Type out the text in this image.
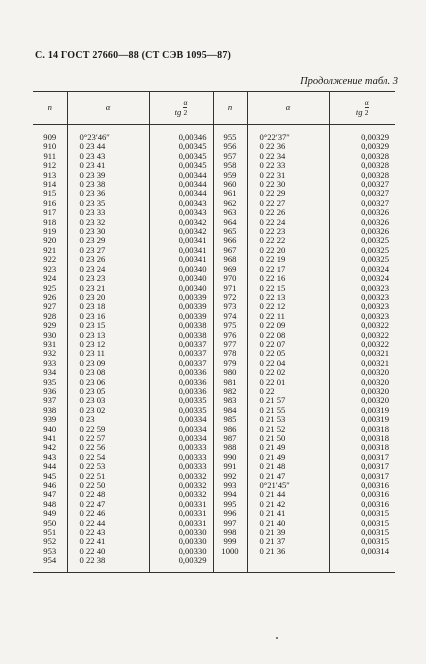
С. 14 ГОСТ 27660—88 (СТ СЭВ 1095—87)
Продолжение табл. 3
n	α	tg $\frac{\alpha}{2}$	n	α	tg $\frac{\alpha}{2}$

909	0°23′46″	0,00346	955	0°22′37″	0,00329
910	0 23 44	0,00345	956	0 22 36	0,00329
911	0 23 43	0,00345	957	0 22 34	0,00328
912	0 23 41	0,00345	958	0 22 33	0,00328
913	0 23 39	0,00344	959	0 22 31	0,00328
914	0 23 38	0,00344	960	0 22 30	0,00327
915	0 23 36	0,00344	961	0 22 29	0,00327
916	0 23 35	0,00343	962	0 22 27	0,00327
917	0 23 33	0,00343	963	0 22 26	0,00326
918	0 23 32	0,00342	964	0 22 24	0,00326
919	0 23 30	0,00342	965	0 22 23	0,00326
920	0 23 29	0,00341	966	0 22 22	0,00325
921	0 23 27	0,00341	967	0 22 20	0,00325
922	0 23 26	0,00341	968	0 22 19	0,00325
923	0 23 24	0,00340	969	0 22 17	0,00324
924	0 23 23	0,00340	970	0 22 16	0,00324
925	0 23 21	0,00340	971	0 22 15	0,00323
926	0 23 20	0,00339	972	0 22 13	0,00323
927	0 23 18	0,00339	973	0 22 12	0,00323
928	0 23 16	0,00339	974	0 22 11	0,00323
929	0 23 15	0,00338	975	0 22 09	0,00322
930	0 23 13	0,00338	976	0 22 08	0,00322
931	0 23 12	0,00337	977	0 22 07	0,00322
932	0 23 11	0,00337	978	0 22 05	0,00321
933	0 23 09	0,00337	979	0 22 04	0,00321
934	0 23 08	0,00336	980	0 22 02	0,00320
935	0 23 06	0,00336	981	0 22 01	0,00320
936	0 23 05	0,00336	982	0 22	0,00320
937	0 23 03	0,00335	983	0 21 57	0,00320
938	0 23 02	0,00335	984	0 21 55	0,00319
939	0 23	0,00334	985	0 21 53	0,00319
940	0 22 59	0,00334	986	0 21 52	0,00318
941	0 22 57	0,00334	987	0 21 50	0,00318
942	0 22 56	0,00333	988	0 21 49	0,00318
943	0 22 54	0,00333	990	0 21 49	0,00317
944	0 22 53	0,00333	991	0 21 48	0,00317
945	0 22 51	0,00332	992	0 21 47	0,00317
946	0 22 50	0,00332	993	0°21′45″	0,00316
947	0 22 48	0,00332	994	0 21 44	0,00316
948	0 22 47	0,00331	995	0 21 42	0,00316
949	0 22 46	0,00331	996	0 21 41	0,00315
950	0 22 44	0,00331	997	0 21 40	0,00315
951	0 22 43	0,00330	998	0 21 39	0,00315
952	0 22 41	0,00330	999	0 21 37	0,00315
953	0 22 40	0,00330	1000	0 21 36	0,00314
954	0 22 38	0,00329			
